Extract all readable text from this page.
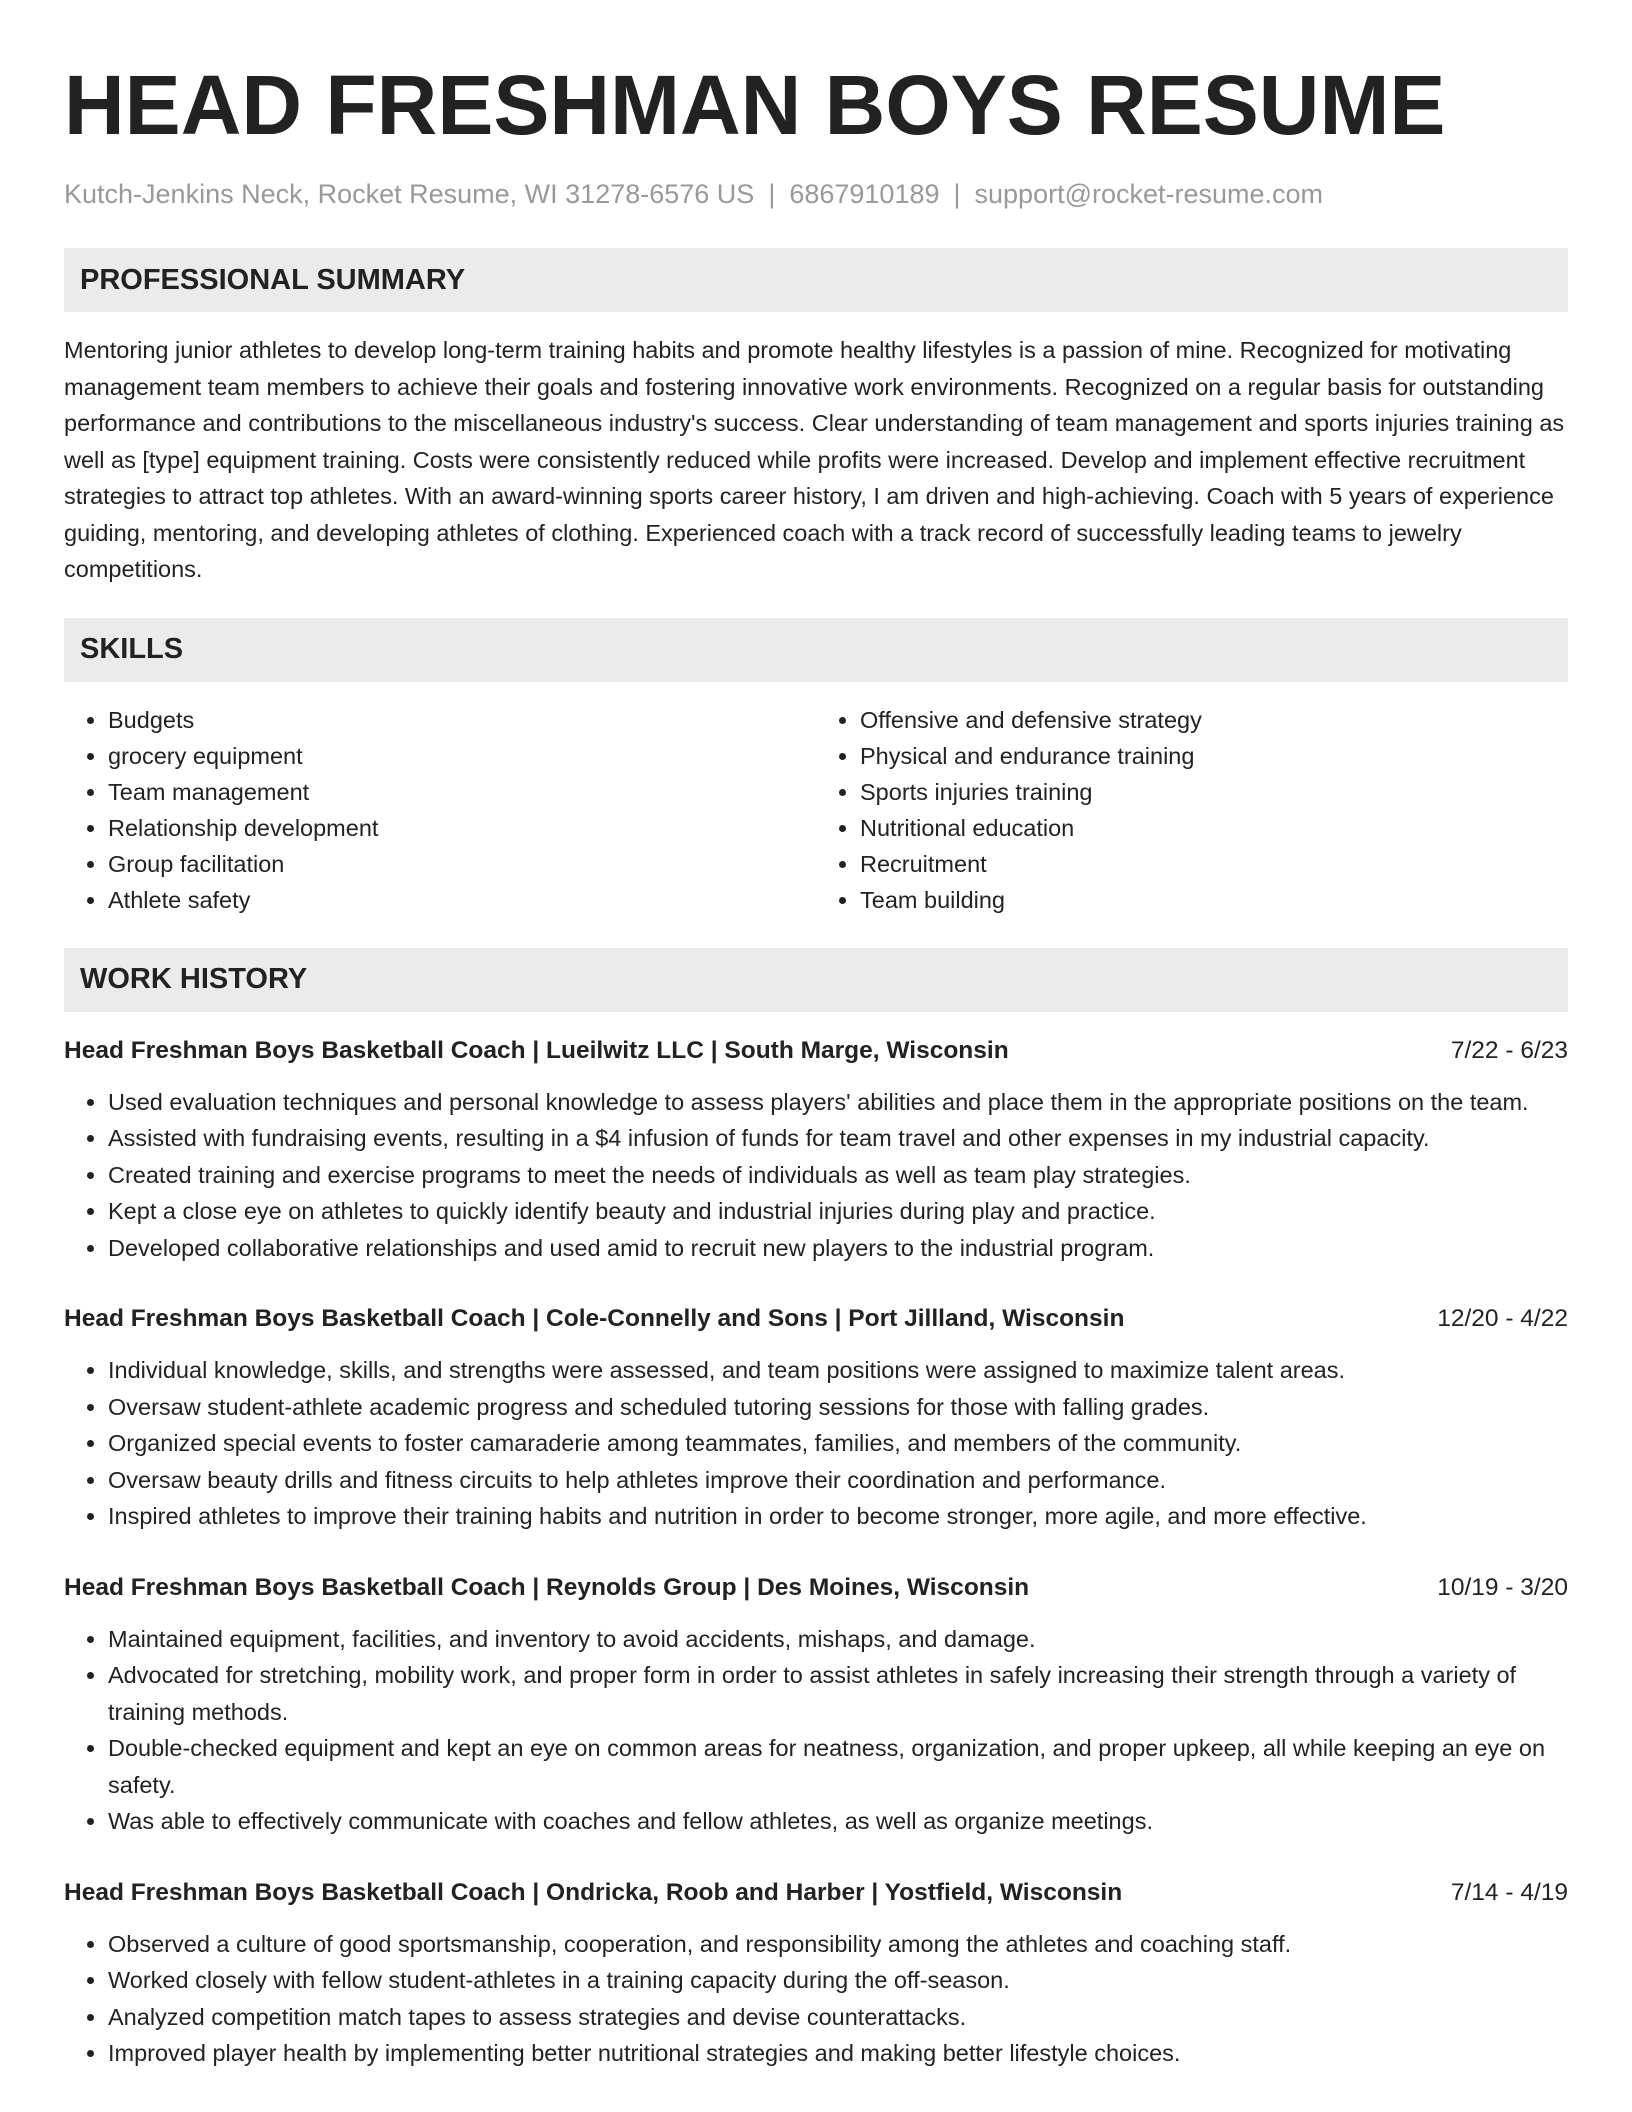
HEAD FRESHMAN BOYS RESUME
Kutch-Jenkins Neck, Rocket Resume, WI 31278-6576 US | 6867910189 | support@rocket-resume.com
PROFESSIONAL SUMMARY

Mentoring junior athletes to develop long-term training habits and promote healthy lifestyles is a passion of mine. Recognized for motivating management team members to achieve their goals and fostering innovative work environments. Recognized on a regular basis for outstanding performance and contributions to the miscellaneous industry's success. Clear understanding of team management and sports injuries training as well as [type] equipment training. Costs were consistently reduced while profits were increased. Develop and implement effective recruitment strategies to attract top athletes. With an award-winning sports career history, I am driven and high-achieving. Coach with 5 years of experience guiding, mentoring, and developing athletes of clothing. Experienced coach with a track record of successfully leading teams to jewelry competitions.

SKILLS
• Budgets
• grocery equipment
• Team management
• Relationship development
• Group facilitation
• Athlete safety
• Offensive and defensive strategy
• Physical and endurance training
• Sports injuries training
• Nutritional education
• Recruitment
• Team building
WORK HISTORY
Head Freshman Boys Basketball Coach | Lueilwitz LLC | South Marge, Wisconsin	7/22 - 6/23
• Used evaluation techniques and personal knowledge to assess players' abilities and place them in the appropriate positions on the team.
• Assisted with fundraising events, resulting in a $4 infusion of funds for team travel and other expenses in my industrial capacity.
• Created training and exercise programs to meet the needs of individuals as well as team play strategies.
• Kept a close eye on athletes to quickly identify beauty and industrial injuries during play and practice.
• Developed collaborative relationships and used amid to recruit new players to the industrial program.
Head Freshman Boys Basketball Coach | Cole-Connelly and Sons | Port Jillland, Wisconsin	12/20 - 4/22
• Individual knowledge, skills, and strengths were assessed, and team positions were assigned to maximize talent areas.
• Oversaw student-athlete academic progress and scheduled tutoring sessions for those with falling grades.
• Organized special events to foster camaraderie among teammates, families, and members of the community.
• Oversaw beauty drills and fitness circuits to help athletes improve their coordination and performance.
• Inspired athletes to improve their training habits and nutrition in order to become stronger, more agile, and more effective.
Head Freshman Boys Basketball Coach | Reynolds Group | Des Moines, Wisconsin	10/19 - 3/20
• Maintained equipment, facilities, and inventory to avoid accidents, mishaps, and damage.
• Advocated for stretching, mobility work, and proper form in order to assist athletes in safely increasing their strength through a variety of training methods.
• Double-checked equipment and kept an eye on common areas for neatness, organization, and proper upkeep, all while keeping an eye on safety.
• Was able to effectively communicate with coaches and fellow athletes, as well as organize meetings.
Head Freshman Boys Basketball Coach | Ondricka, Roob and Harber | Yostfield, Wisconsin	7/14 - 4/19
• Observed a culture of good sportsmanship, cooperation, and responsibility among the athletes and coaching staff.
• Worked closely with fellow student-athletes in a training capacity during the off-season.
• Analyzed competition match tapes to assess strategies and devise counterattacks.
• Improved player health by implementing better nutritional strategies and making better lifestyle choices.
